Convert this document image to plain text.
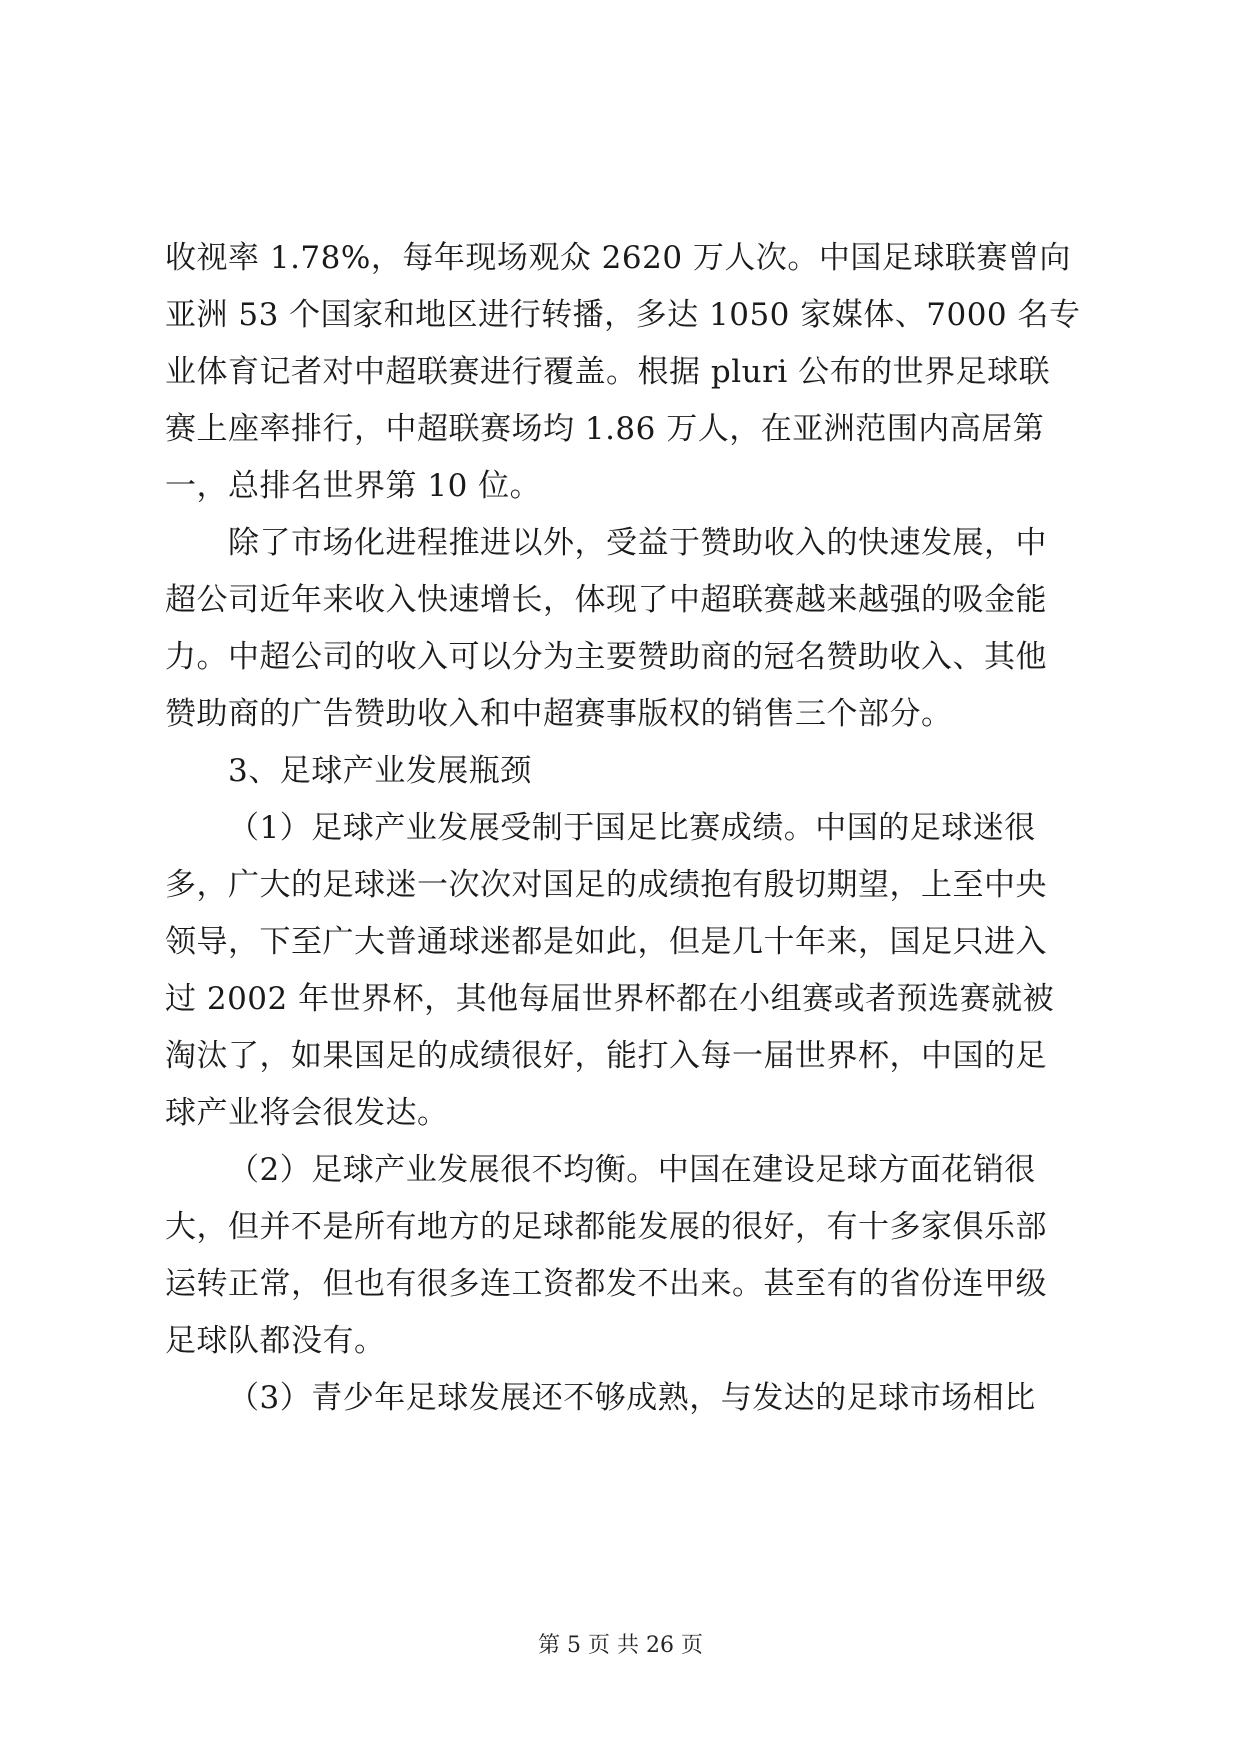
收视率 1.78%，每年现场观众 2620 万人次。中国足球联赛曾向
亚洲 53 个国家和地区进行转播，多达 1050 家媒体、7000 名专
业体育记者对中超联赛进行覆盖。根据 pluri 公布的世界足球联
赛上座率排行，中超联赛场均 1.86 万人，在亚洲范围内高居第
一，总排名世界第 10 位。
除了市场化进程推进以外，受益于赞助收入的快速发展，中
超公司近年来收入快速增长，体现了中超联赛越来越强的吸金能
力。中超公司的收入可以分为主要赞助商的冠名赞助收入、其他
赞助商的广告赞助收入和中超赛事版权的销售三个部分。
3、足球产业发展瓶颈
（1）足球产业发展受制于国足比赛成绩。中国的足球迷很
多，广大的足球迷一次次对国足的成绩抱有殷切期望，上至中央
领导，下至广大普通球迷都是如此，但是几十年来，国足只进入
过 2002 年世界杯，其他每届世界杯都在小组赛或者预选赛就被
淘汰了，如果国足的成绩很好，能打入每一届世界杯，中国的足
球产业将会很发达。
（2）足球产业发展很不均衡。中国在建设足球方面花销很
大，但并不是所有地方的足球都能发展的很好，有十多家俱乐部
运转正常，但也有很多连工资都发不出来。甚至有的省份连甲级
足球队都没有。
（3）青少年足球发展还不够成熟，与发达的足球市场相比
第 5 页 共 26 页
